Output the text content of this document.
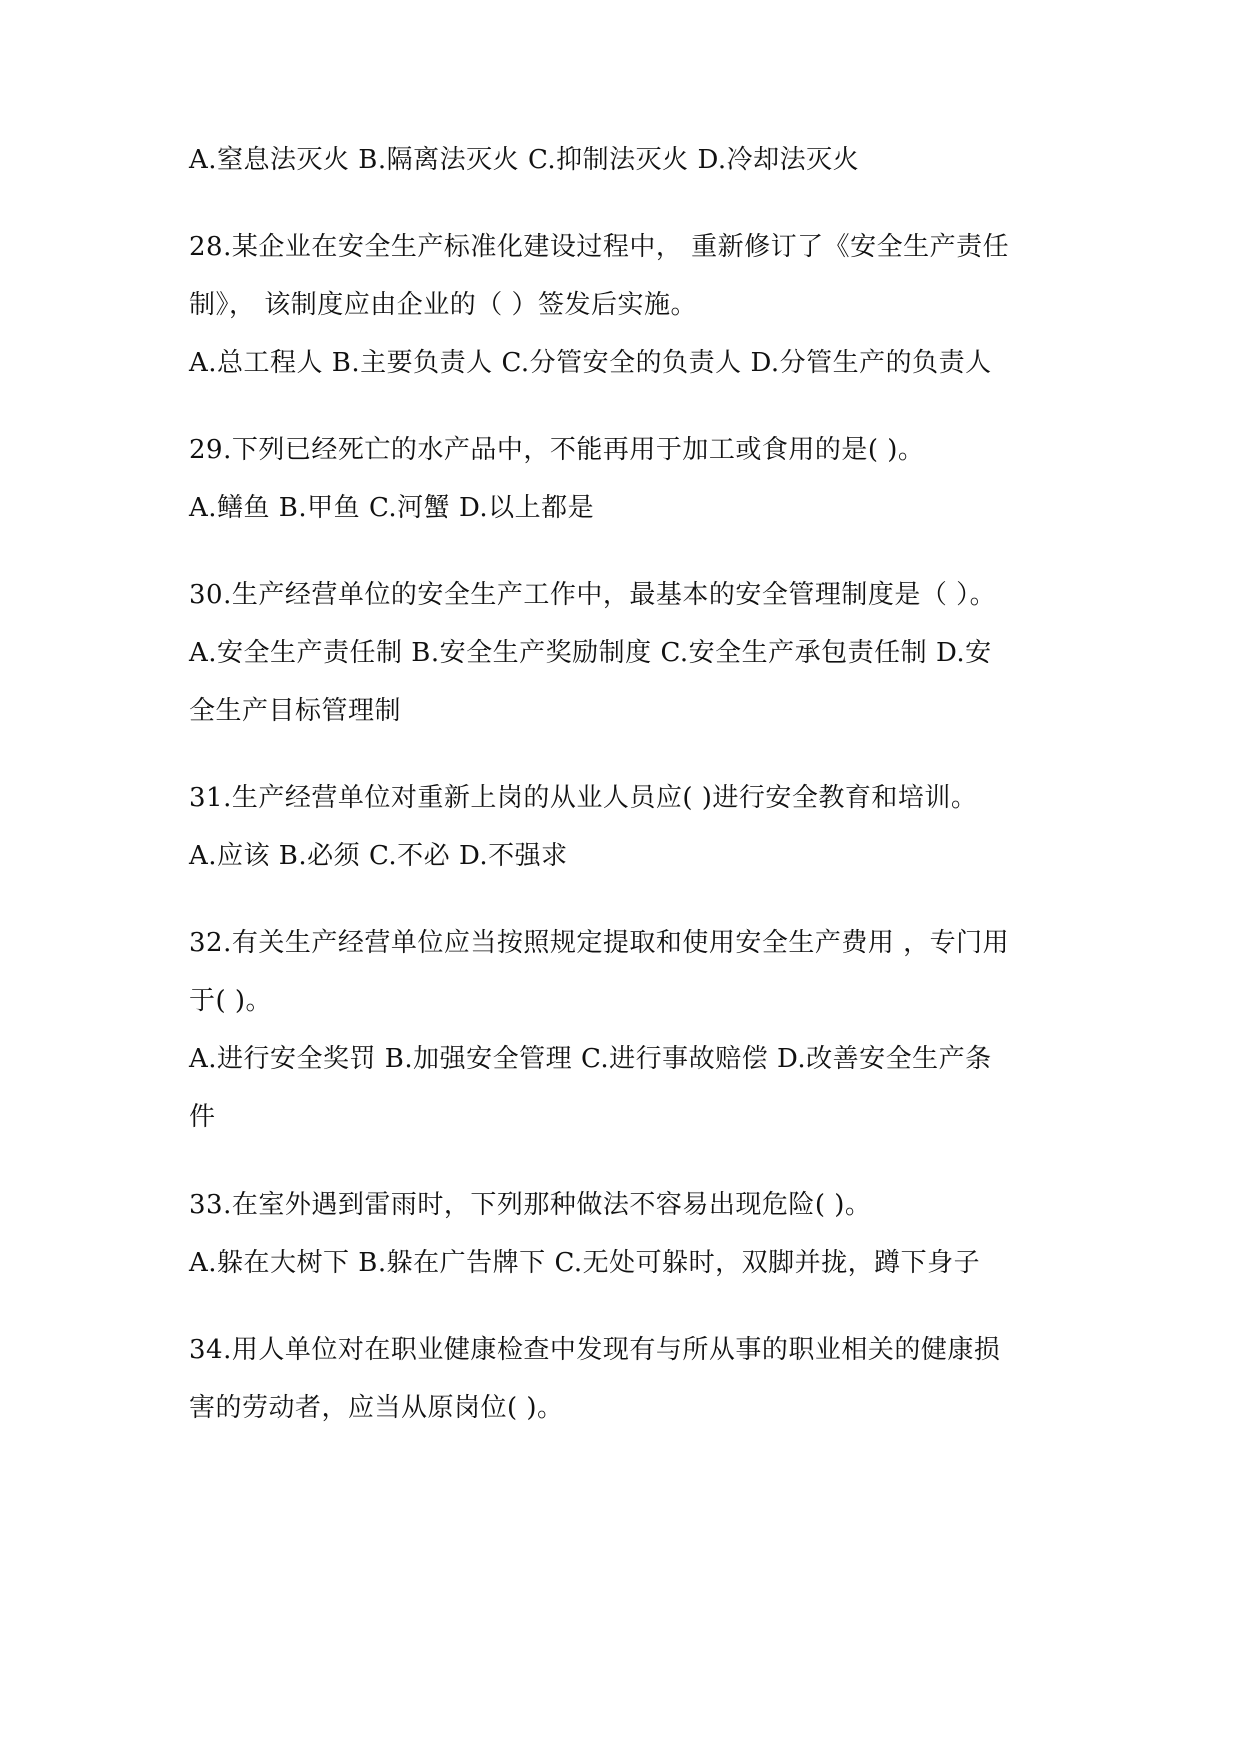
A.窒息法灭火 B.隔离法灭火 C.抑制法灭火 D.冷却法灭火
28.某企业在安全生产标准化建设过程中， 重新修订了《安全生产责任
制》， 该制度应由企业的（ ）签发后实施。
A.总工程人 B.主要负责人 C.分管安全的负责人 D.分管生产的负责人
29.下列已经死亡的水产品中，不能再用于加工或食用的是( )。
A.鳝鱼 B.甲鱼 C.河蟹 D.以上都是
30.生产经营单位的安全生产工作中，最基本的安全管理制度是（ ）。
A.安全生产责任制 B.安全生产奖励制度 C.安全生产承包责任制 D.安
全生产目标管理制
31.生产经营单位对重新上岗的从业人员应( )进行安全教育和培训。
A.应该 B.必须 C.不必 D.不强求
32.有关生产经营单位应当按照规定提取和使用安全生产费用 ，专门用
于( )。
A.进行安全奖罚 B.加强安全管理 C.进行事故赔偿 D.改善安全生产条
件
33.在室外遇到雷雨时，下列那种做法不容易出现危险( )。
A.躲在大树下 B.躲在广告牌下 C.无处可躲时，双脚并拢，蹲下身子
34.用人单位对在职业健康检查中发现有与所从事的职业相关的健康损
害的劳动者，应当从原岗位( )。
